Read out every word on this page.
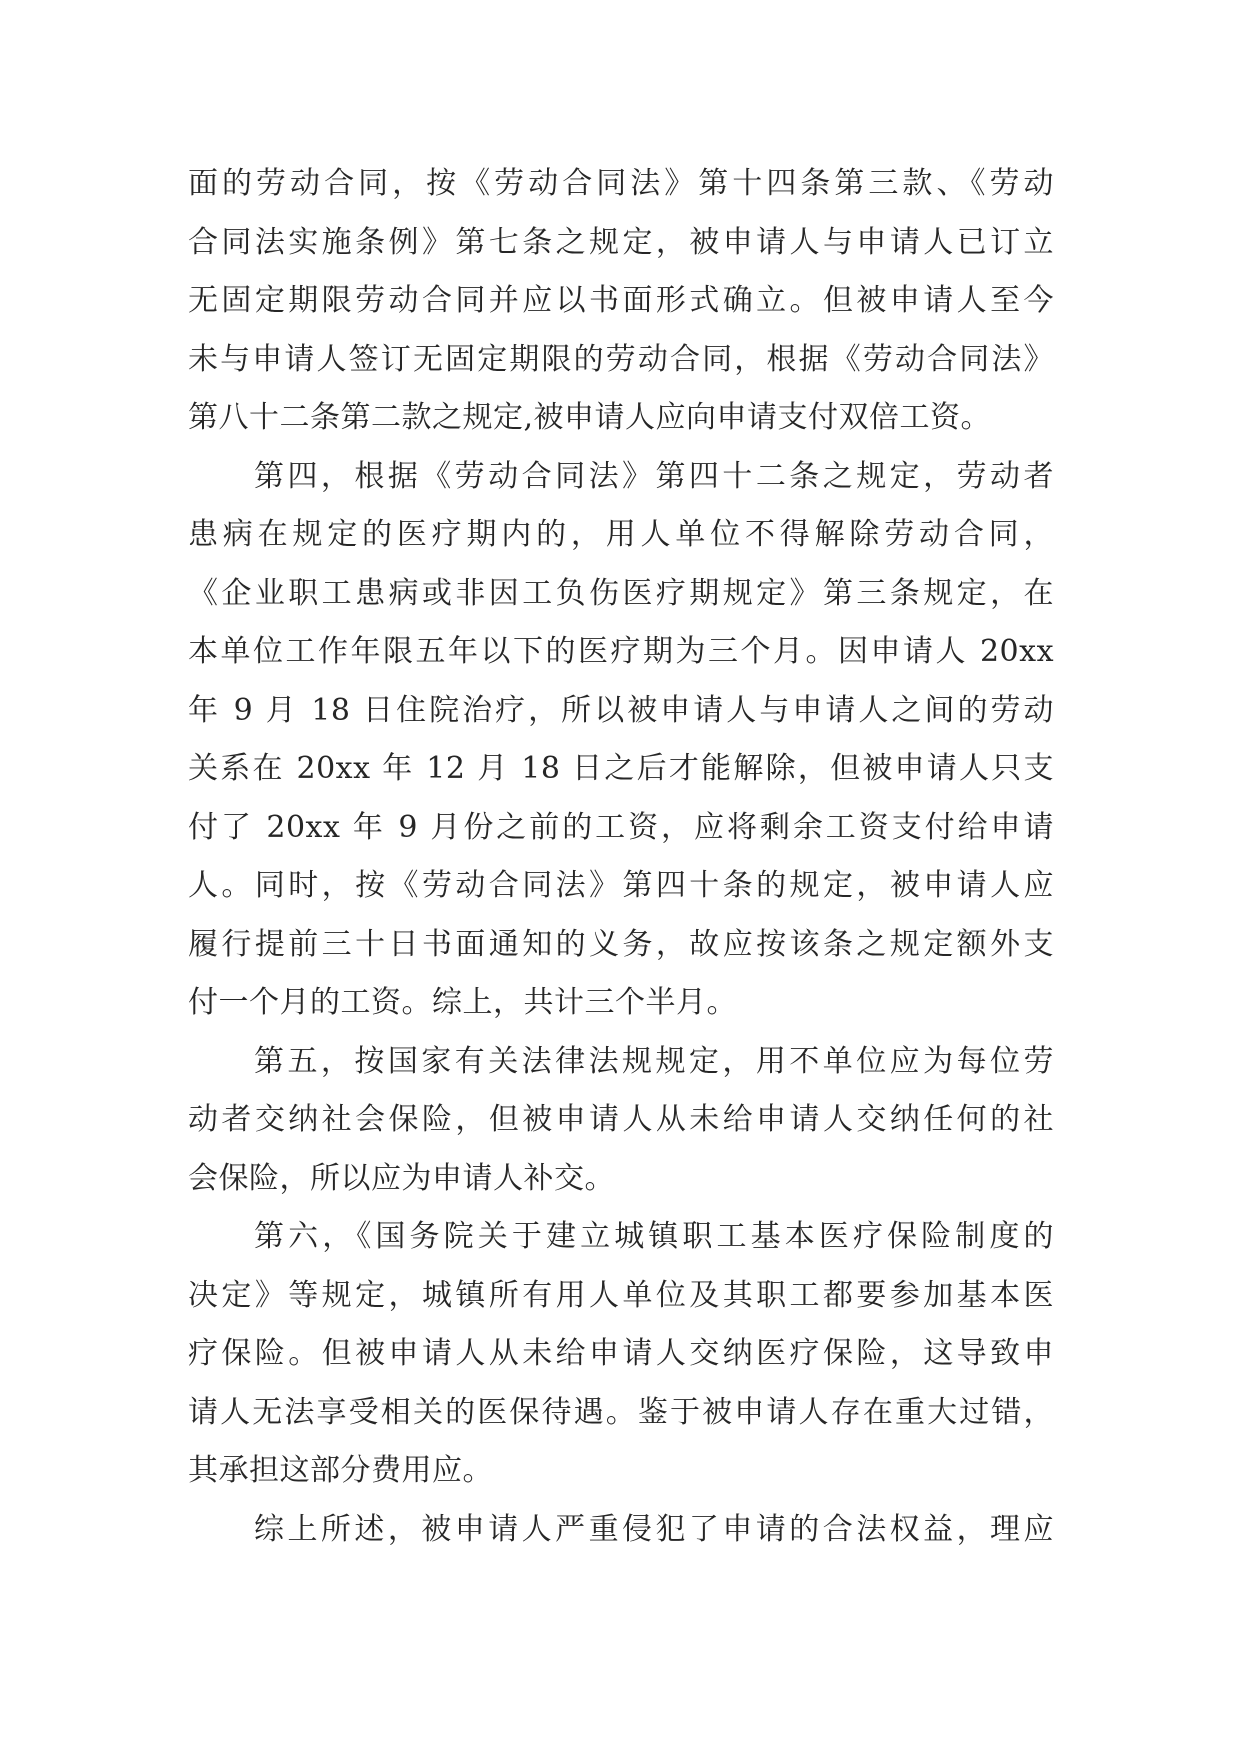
面的劳动合同，按《劳动合同法》第十四条第三款、《劳动
合同法实施条例》第七条之规定，被申请人与申请人已订立
无固定期限劳动合同并应以书面形式确立。但被申请人至今
未与申请人签订无固定期限的劳动合同，根据《劳动合同法》
第八十二条第二款之规定,被申请人应向申请支付双倍工资。
第四，根据《劳动合同法》第四十二条之规定，劳动者
患病在规定的医疗期内的，用人单位不得解除劳动合同，
《企业职工患病或非因工负伤医疗期规定》第三条规定，在
本单位工作年限五年以下的医疗期为三个月。因申请人 20xx
年 9 月 18 日住院治疗，所以被申请人与申请人之间的劳动
关系在 20xx 年 12 月 18 日之后才能解除，但被申请人只支
付了 20xx 年 9 月份之前的工资，应将剩余工资支付给申请
人。同时，按《劳动合同法》第四十条的规定，被申请人应
履行提前三十日书面通知的义务，故应按该条之规定额外支
付一个月的工资。综上，共计三个半月。
第五，按国家有关法律法规规定，用不单位应为每位劳
动者交纳社会保险，但被申请人从未给申请人交纳任何的社
会保险，所以应为申请人补交。
第六，《国务院关于建立城镇职工基本医疗保险制度的
决定》等规定，城镇所有用人单位及其职工都要参加基本医
疗保险。但被申请人从未给申请人交纳医疗保险，这导致申
请人无法享受相关的医保待遇。鉴于被申请人存在重大过错，
其承担这部分费用应。
综上所述，被申请人严重侵犯了申请的合法权益，理应
